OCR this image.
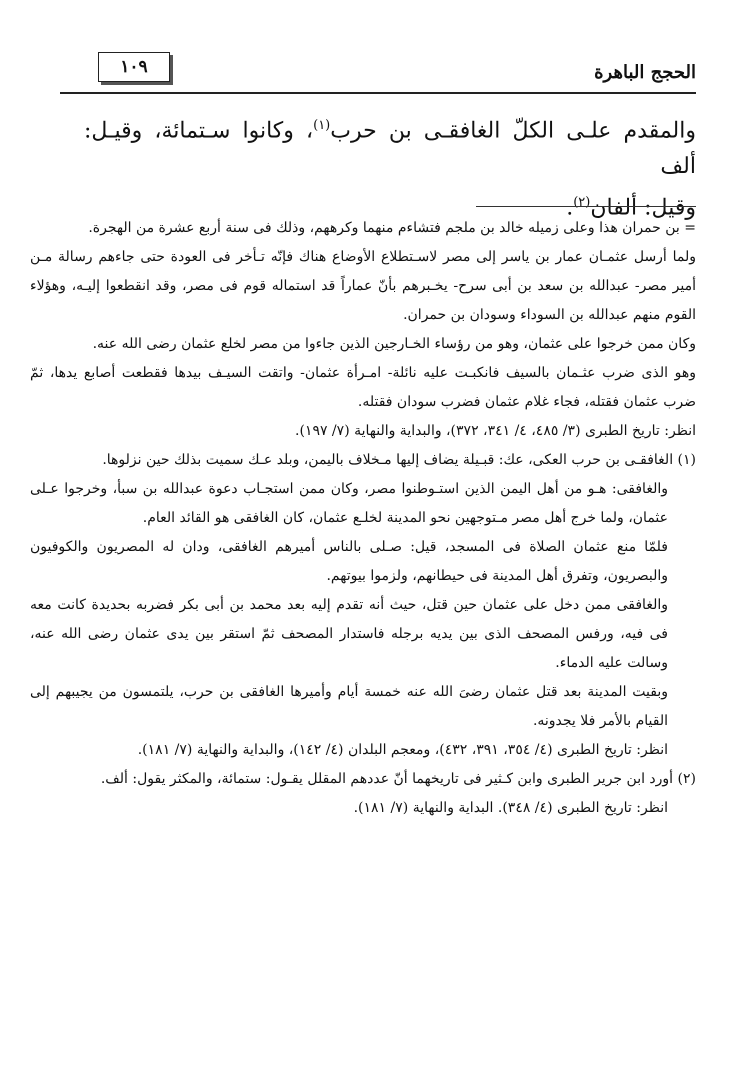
الحجج الباهرة
١٠٩
والمقدم علـى الكلّ الغافقـى بن حرب$^{(١)}$، وكانوا سـتمائة، وقيـل: ألف
وقيل: ألفان$^{(٢)}$.

= بن حمران هذا وعلى زميله خالد بن ملجم فتشاءم منهما وكرههم، وذلك فى سنة أربع عشرة من الهجرة.

ولما أرسل عثمـان عمار بن ياسر إلى مصر لاسـتطلاع الأوضاع هناك فإنّه تـأخر فى العودة حتى جاءهم رسالة مـن أمير مصر- عبدالله بن سعد بن أبى سرح- يخـبرهم بأنّ عماراً قد استماله قوم فى مصر، وقد انقطعوا إليـه، وهؤلاء القوم منهم عبدالله بن السوداء وسودان بن حمران.

وكان ممن خرجوا على عثمان، وهو من رؤساء الخـارجين الذين جاءوا من مصر لخلع عثمان رضى الله عنه.

وهو الذى ضرب عثـمان بالسيف فانكبـت عليه نائلة- امـرأة عثمان- واتقت السيـف بيدها فقطعت أصابع يدها، ثمّ ضرب عثمان فقتله، فجاء غلام عثمان فضرب سودان فقتله.

انظر: تاريخ الطبرى (٣/ ٤٨٥، ٤/ ٣٤١، ٣٧٢)، والبداية والنهاية (٧/ ١٩٧).

(١) الغافقـى بن حرب العكى، عك: قبـيلة يضاف إليها مـخلاف باليمن، وبلد عـك سميت بذلك حين نزلوها.

والغافقى: هـو من أهل اليمن الذين استـوطنوا مصر، وكان ممن استجـاب دعوة عبدالله بن سبأ، وخرجوا عـلى عثمان، ولما خرج أهل مصر مـتوجهين نحو المدينة لخلـع عثمان، كان الغافقى هو القائد العام.

فلمّا منع عثمان الصلاة فى المسجد، قيل: صـلى بالناس أميرهم الغافقى، ودان له المصريون والكوفيون والبصريون، وتفرق أهل المدينة فى حيطانهم، ولزموا بيوتهم.

والغافقى ممن دخل على عثمان حين قتل، حيث أنه تقدم إليه بعد محمد بن أبى بكر فضربه بحديدة كانت معه فى فيه، ورفس المصحف الذى بين يديه برجله فاستدار المصحف ثمّ استقر بين يدى عثمان رضى الله عنه، وسالت عليه الدماء.

وبقيت المدينة بعد قتل عثمان رضىَ الله عنه خمسة أيام وأميرها الغافقى بن حرب، يلتمسون من يجيبهم إلى القيام بالأمر فلا يجدونه.

انظر: تاريخ الطبرى (٤/ ٣٥٤، ٣٩١، ٤٣٢)، ومعجم البلدان (٤/ ١٤٢)، والبداية والنهاية (٧/ ١٨١).

(٢) أورد ابن جرير الطبرى وابن كـثير فى تاريخهما أنّ عددهم المقلل يقـول: ستمائة، والمكثر يقول: ألف.

انظر: تاريخ الطبرى (٤/ ٣٤٨). البداية والنهاية (٧/ ١٨١).
